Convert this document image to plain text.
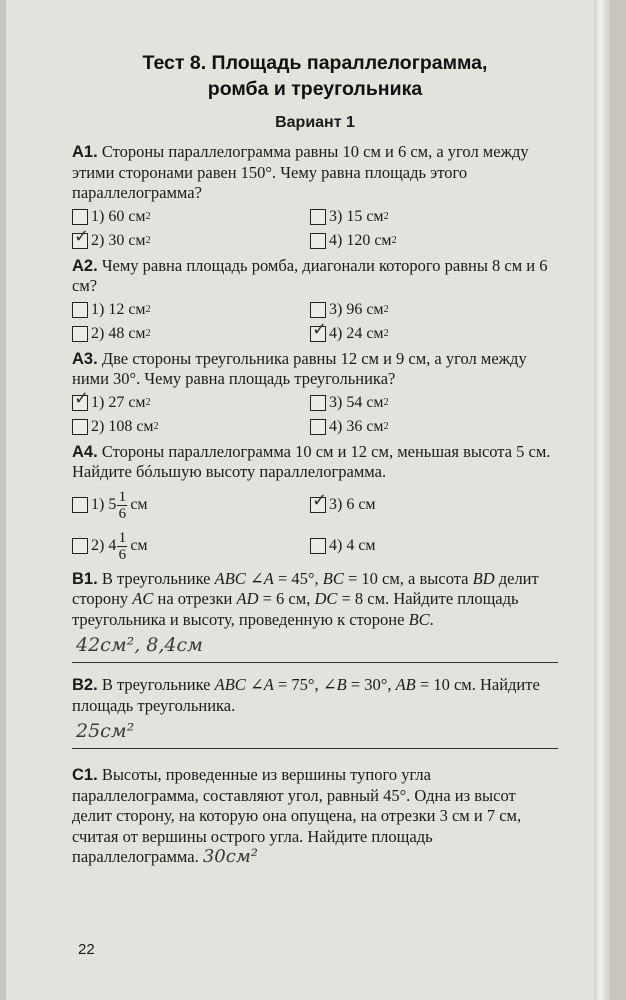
Тест 8. Площадь параллелограмма,
ромба и треугольника
Вариант 1

А1. Стороны параллелограмма равны 10 см и 6 см, а угол между этими сторонами равен 150°. Чему равна площадь этого параллелограмма?

1) 60 см 2	3) 15 см 2
✓ 2) 30 см 2	4) 120 см 2

А2. Чему равна площадь ромба, диагонали которого равны 8 см и 6 см?

1) 12 см 2	3) 96 см 2
2) 48 см 2	✓ 4) 24 см 2

А3. Две стороны треугольника равны 12 см и 9 см, а угол между ними 30°. Чему равна площадь треугольника?

✓ 1) 27 см 2	3) 54 см 2
2) 108 см 2	4) 36 см 2

А4. Стороны параллелограмма 10 см и 12 см, меньшая высота 5 см. Найдите бóльшую высоту параллелограмма.

1) $5 \frac{1}{6}$ см	✓ 3) 6 см
2) $4 \frac{1}{6}$ см	4) 4 см

В1. В треугольнике ABC ∠A = 45°, BC = 10 см, а высота BD делит сторону AC на отрезки AD = 6 см, DC = 8 см. Найдите площадь треугольника и высоту, проведенную к стороне BC.

42см², 8,4см

В2. В треугольнике ABC ∠A = 75°, ∠B = 30°, AB = 10 см. Найдите площадь треугольника.

25см²

С1. Высоты, проведенные из вершины тупого угла параллелограмма, составляют угол, равный 45°. Одна из высот делит сторону, на которую она опущена, на отрезки 3 см и 7 см, считая от вершины острого угла. Найдите площадь параллелограмма. 30см²

22
